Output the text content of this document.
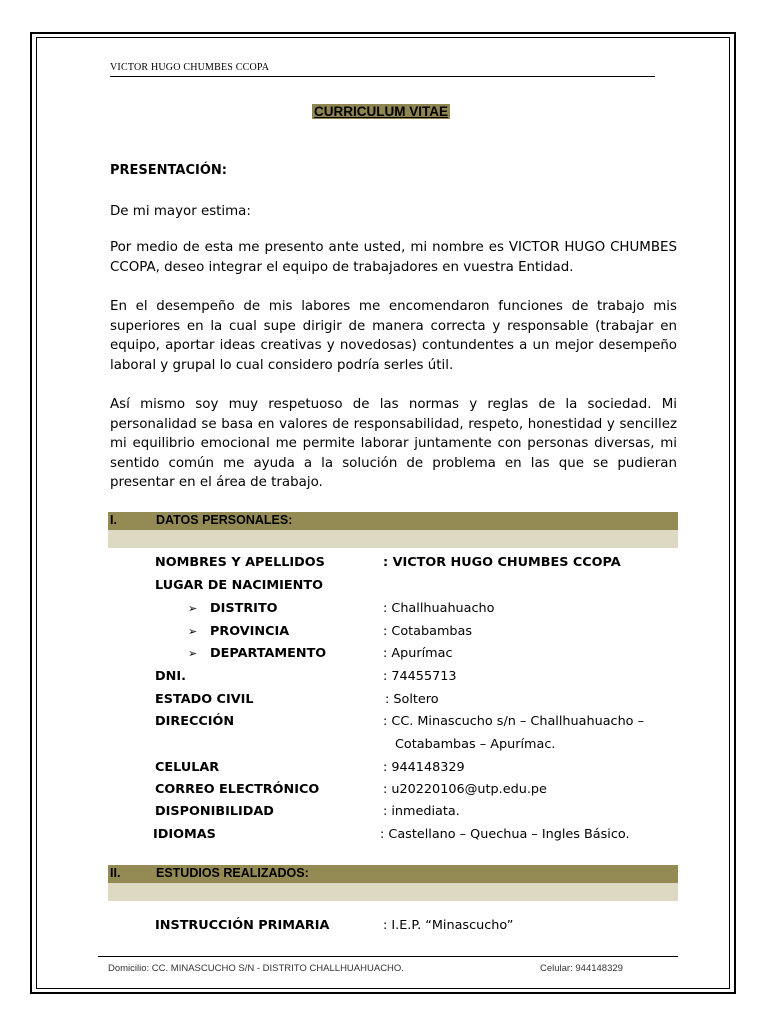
VICTOR HUGO CHUMBES CCOPA
CURRICULUM VITAE
PRESENTACIÓN:

De mi mayor estima:

Por medio de esta me presento ante usted, mi nombre es VICTOR HUGO CHUMBES CCOPA, deseo integrar el equipo de trabajadores en vuestra Entidad.

En el desempeño de mis labores me encomendaron funciones de trabajo mis superiores en la cual supe dirigir de manera correcta y responsable (trabajar en equipo, aportar ideas creativas y novedosas) contundentes a un mejor desempeño laboral y grupal lo cual considero podría serles útil.

Así mismo soy muy respetuoso de las normas y reglas de la sociedad. Mi personalidad se basa en valores de responsabilidad, respeto, honestidad y sencillez mi equilibrio emocional me permite laborar juntamente con personas diversas, mi sentido común me ayuda a la solución de problema en las que se pudieran presentar en el área de trabajo.

I.	DATOS PERSONALES:
NOMBRES Y APELLIDOS	: VICTOR HUGO CHUMBES CCOPA
LUGAR DE NACIMIENTO
➢ DISTRITO	: Challhuahuacho
➢ PROVINCIA	: Cotabambas
➢ DEPARTAMENTO	: Apurímac
DNI.	: 74455713
ESTADO CIVIL	: Soltero
DIRECCIÓN	: CC. Minascucho s/n – Challhuahuacho –
Cotabambas – Apurímac.
CELULAR	: 944148329
CORREO ELECTRÓNICO	: u20220106@utp.edu.pe
DISPONIBILIDAD	: inmediata.
IDIOMAS	: Castellano – Quechua – Ingles Básico.
II.	ESTUDIOS REALIZADOS:
INSTRUCCIÓN PRIMARIA	: I.E.P. “Minascucho”
Domicilio: CC. MINASCUCHO S/N - DISTRITO CHALLHUAHUACHO.	Celular: 944148329
